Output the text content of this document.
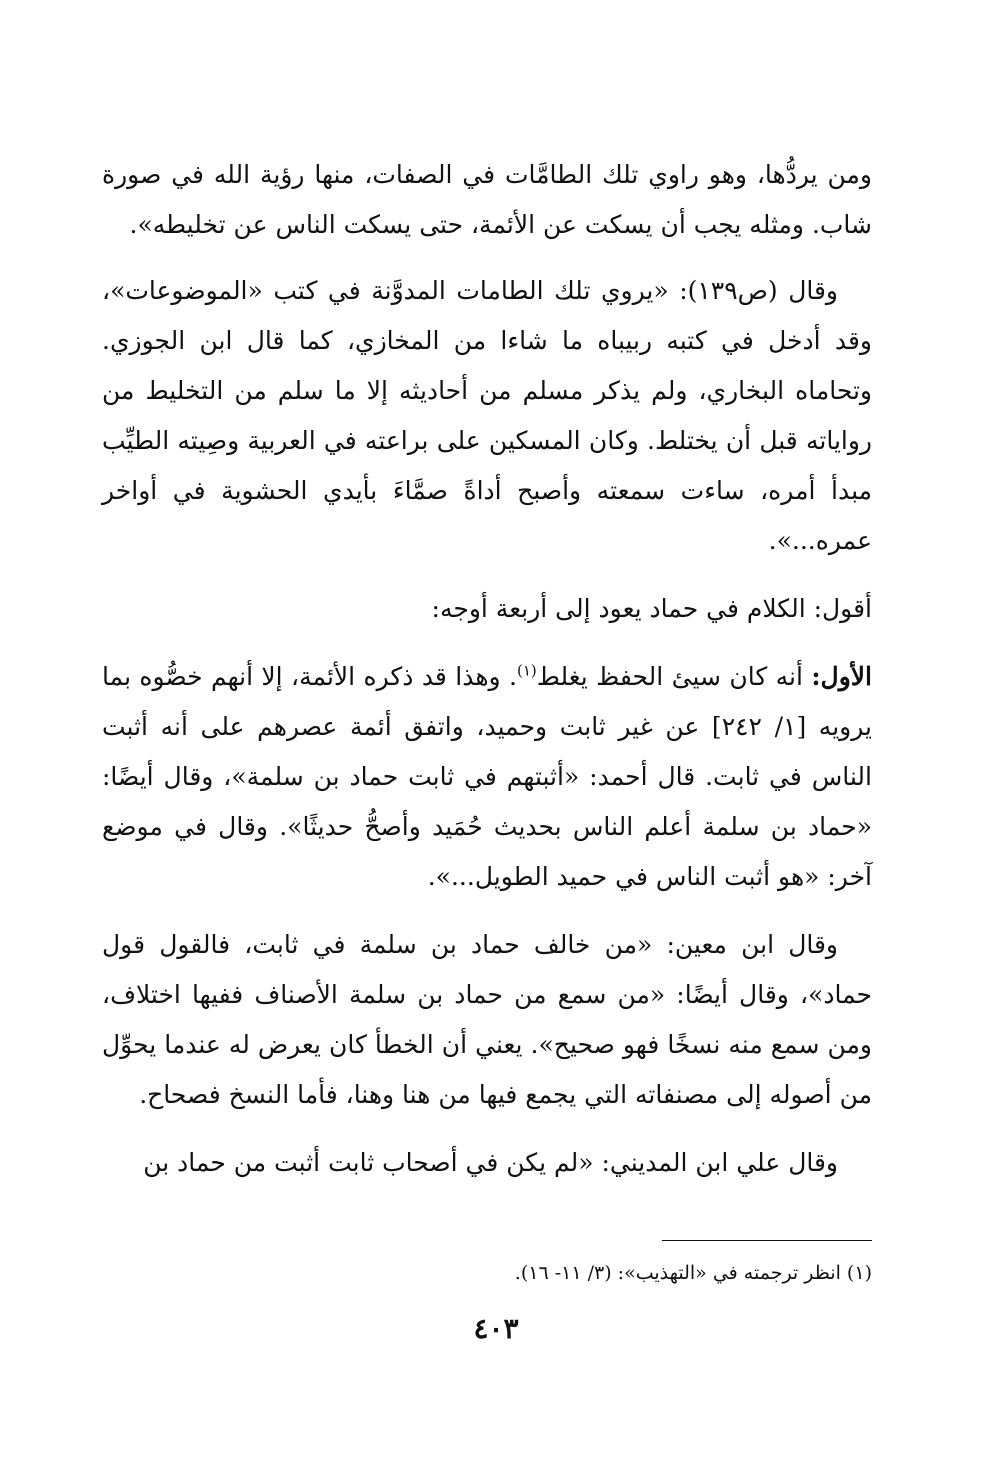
ومن يردُّها، وهو راوي تلك الطامَّات في الصفات، منها رؤية الله في صورة شاب. ومثله يجب أن يسكت عن الأئمة، حتى يسكت الناس عن تخليطه».

وقال (ص١٣٩): «يروي تلك الطامات المدوَّنة في كتب «الموضوعات»، وقد أدخل في كتبه ربيباه ما شاءا من المخازي، كما قال ابن الجوزي. وتحاماه البخاري، ولم يذكر مسلم من أحاديثه إلا ما سلم من التخليط من رواياته قبل أن يختلط. وكان المسكين على براعته في العربية وصِيته الطيِّب مبدأ أمره، ساءت سمعته وأصبح أداةً صمَّاءَ بأيدي الحشوية في أواخر عمره...».

أقول: الكلام في حماد يعود إلى أربعة أوجه:

الأول: أنه كان سيئ الحفظ يغلط$^{(١)}$. وهذا قد ذكره الأئمة، إلا أنهم خصُّوه بما يرويه [١/ ٢٤٢] عن غير ثابت وحميد، واتفق أئمة عصرهم على أنه أثبت الناس في ثابت. قال أحمد: «أثبتهم في ثابت حماد بن سلمة»، وقال أيضًا: «حماد بن سلمة أعلم الناس بحديث حُمَيد وأصحُّ حديثًا». وقال في موضع آخر: «هو أثبت الناس في حميد الطويل...».

وقال ابن معين: «من خالف حماد بن سلمة في ثابت، فالقول قول حماد»، وقال أيضًا: «من سمع من حماد بن سلمة الأصناف ففيها اختلاف، ومن سمع منه نسخًا فهو صحيح». يعني أن الخطأ كان يعرض له عندما يحوِّل من أصوله إلى مصنفاته التي يجمع فيها من هنا وهنا، فأما النسخ فصحاح.

وقال علي ابن المديني: «لم يكن في أصحاب ثابت أثبت من حماد بن

(١) انظر ترجمته في «التهذيب»: (٣/ ١١- ١٦).
٤٠٣
